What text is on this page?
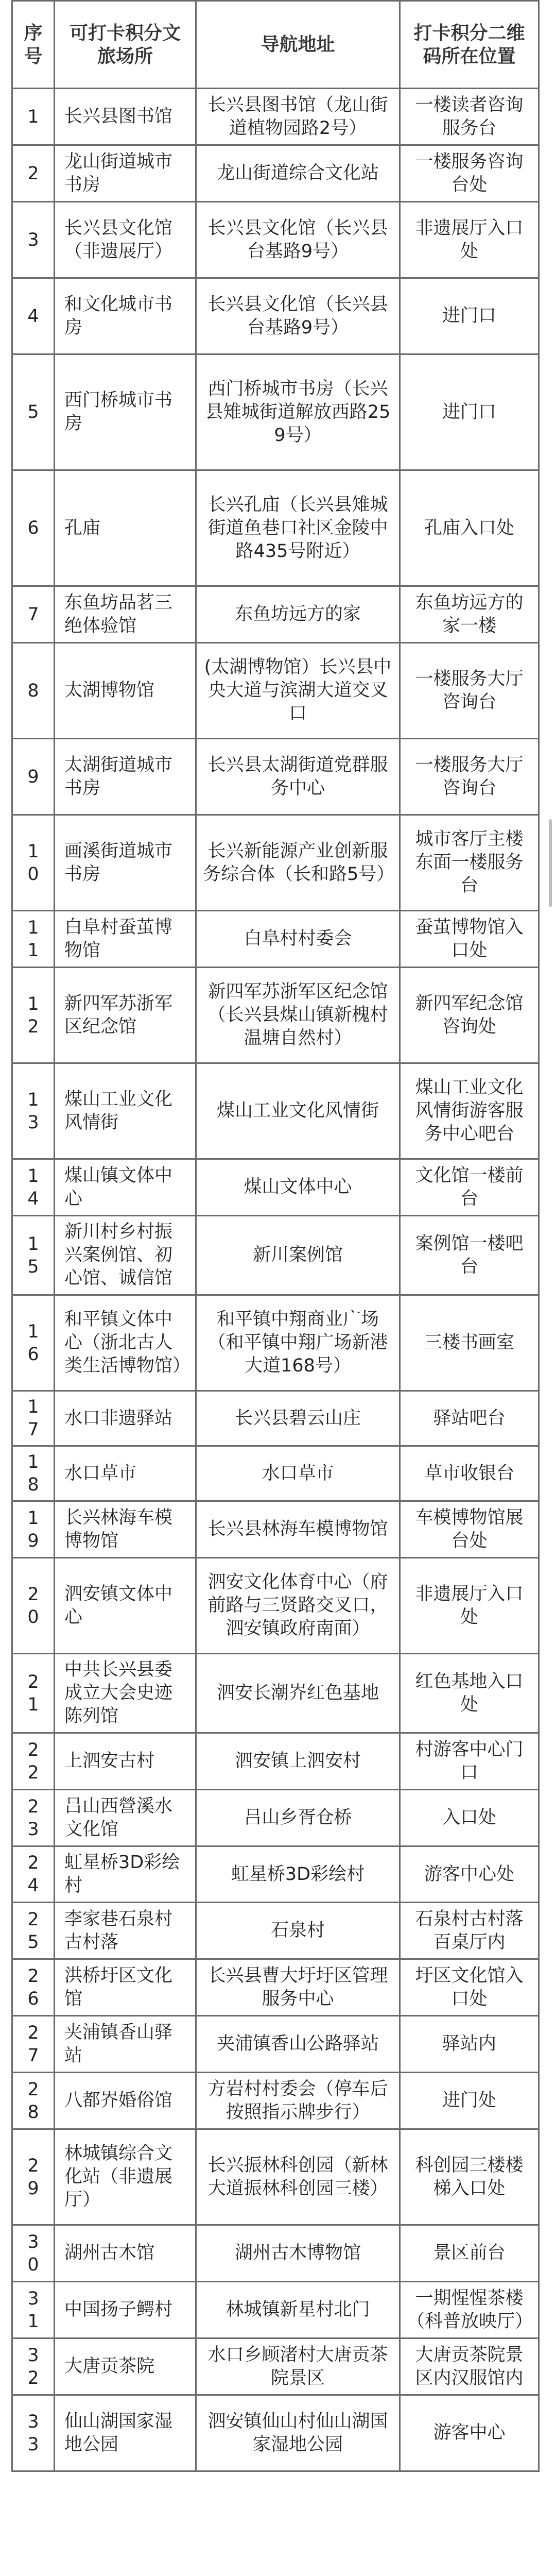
序号	可打卡积分文旅场所	导航地址	打卡积分二维码所在位置
1	长兴县图书馆	长兴县图书馆（龙山街道植物园路2号）	一楼读者咨询服务台
2	龙山街道城市书房	龙山街道综合文化站	一楼服务咨询台处
3	长兴县文化馆（非遗展厅）	长兴县文化馆（长兴县台基路9号）	非遗展厅入口处
4	和文化城市书房	长兴县文化馆（长兴县台基路9号）	进门口
5	西门桥城市书房	西门桥城市书房（长兴县雉城街道解放西路259号）	进门口
6	孔庙	长兴孔庙（长兴县雉城街道鱼巷口社区金陵中路435号附近）	孔庙入口处
7	东鱼坊品茗三绝体验馆	东鱼坊远方的家	东鱼坊远方的家一楼
8	太湖博物馆	(太湖博物馆）长兴县中央大道与滨湖大道交叉口	一楼服务大厅咨询台
9	太湖街道城市书房	长兴县太湖街道党群服务中心	一楼服务大厅咨询台
10	画溪街道城市书房	长兴新能源产业创新服务综合体（长和路5号）	城市客厅主楼东面一楼服务台
11	白阜村蚕茧博物馆	白阜村村委会	蚕茧博物馆入口处
12	新四军苏浙军区纪念馆	新四军苏浙军区纪念馆（长兴县煤山镇新槐村温塘自然村）	新四军纪念馆咨询处
13	煤山工业文化风情街	煤山工业文化风情街	煤山工业文化风情街游客服务中心吧台
14	煤山镇文体中心	煤山文体中心	文化馆一楼前台
15	新川村乡村振兴案例馆、初心馆、诚信馆	新川案例馆	案例馆一楼吧台
16	和平镇文体中心（浙北古人类生活博物馆）	和平镇中翔商业广场（和平镇中翔广场新港大道168号）	三楼书画室
17	水口非遗驿站	长兴县碧云山庄	驿站吧台
18	水口草市	水口草市	草市收银台
19	长兴林海车模博物馆	长兴县林海车模博物馆	车模博物馆展台处
20	泗安镇文体中心	泗安文化体育中心（府前路与三贤路交叉口，泗安镇政府南面）	非遗展厅入口处
21	中共长兴县委成立大会史迹陈列馆	泗安长潮岕红色基地	红色基地入口处
22	上泗安古村	泗安镇上泗安村	村游客中心门口
23	吕山西營溪水文化馆	吕山乡胥仓桥	入口处
24	虹星桥3D彩绘村	虹星桥3D彩绘村	游客中心处
25	李家巷石泉村古村落	石泉村	石泉村古村落百桌厅内
26	洪桥圩区文化馆	长兴县曹大圩圩区管理服务中心	圩区文化馆入口处
27	夹浦镇香山驿站	夹浦镇香山公路驿站	驿站内
28	八都岕婚俗馆	方岩村村委会（停车后按照指示牌步行）	进门处
29	林城镇综合文化站（非遗展厅）	长兴振林科创园（新林大道振林科创园三楼）	科创园三楼楼梯入口处
30	湖州古木馆	湖州古木博物馆	景区前台
31	中国扬子鳄村	林城镇新星村北门	一期惺惺茶楼（科普放映厅）
32	大唐贡茶院	水口乡顾渚村大唐贡茶院景区	大唐贡茶院景区内汉服馆内
33	仙山湖国家湿地公园	泗安镇仙山村仙山湖国家湿地公园	游客中心
